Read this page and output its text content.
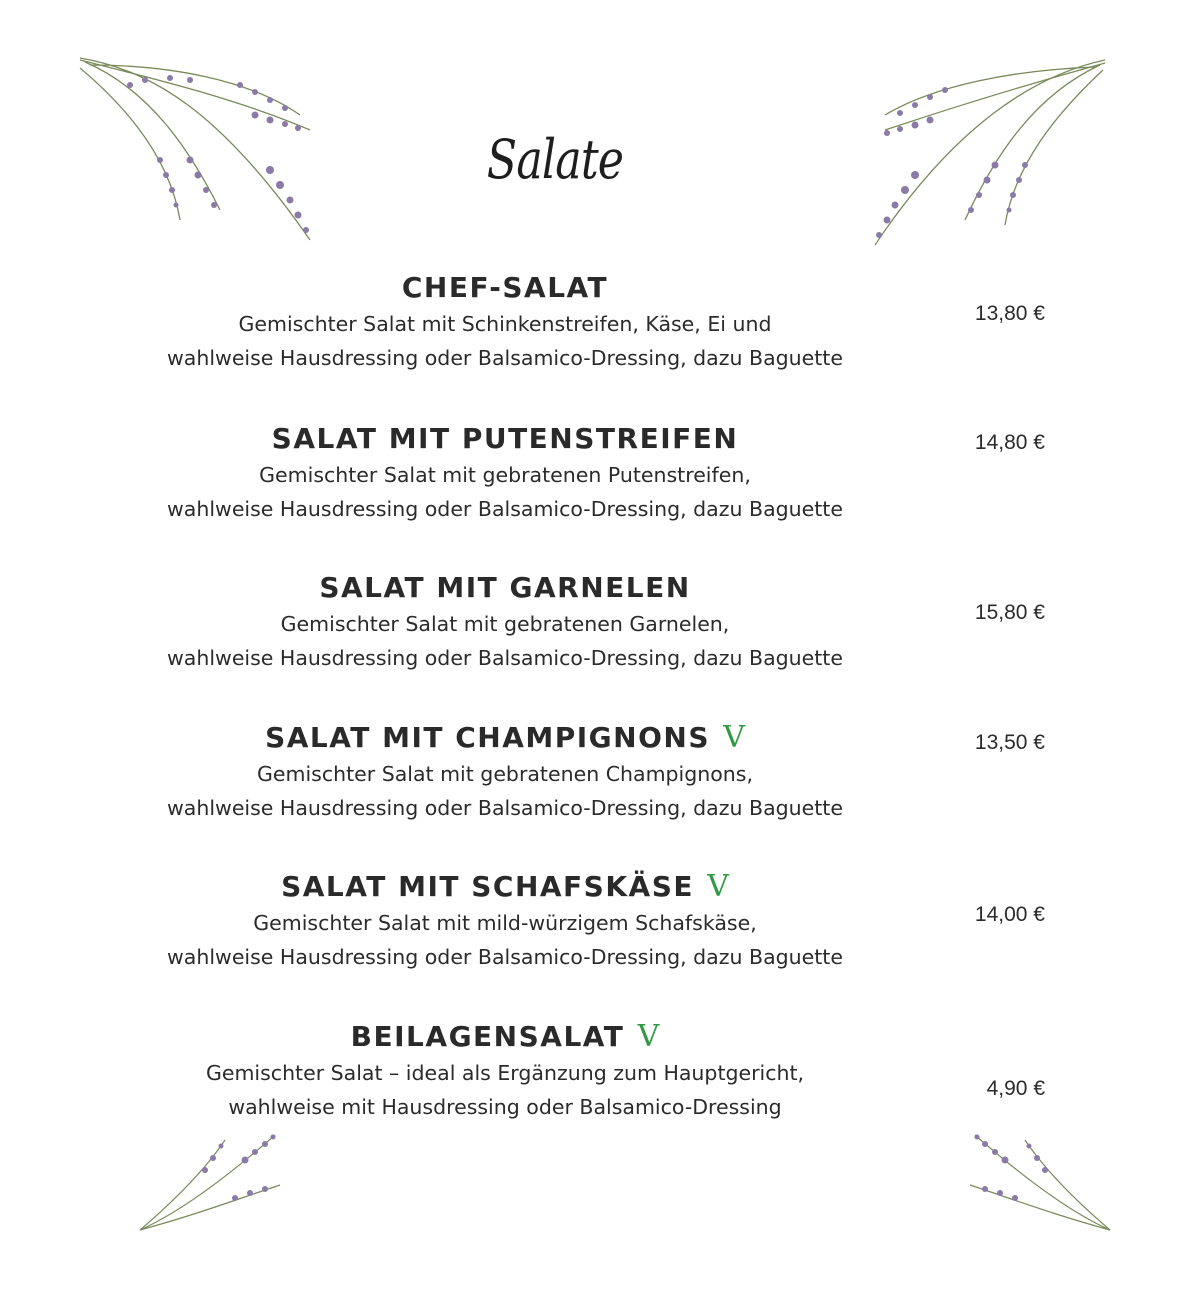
Salate
CHEF-SALAT
Gemischter Salat mit Schinkenstreifen, Käse, Ei und
wahlweise Hausdressing oder Balsamico-Dressing, dazu Baguette
13,80 €
SALAT MIT PUTENSTREIFEN
Gemischter Salat mit gebratenen Putenstreifen,
wahlweise Hausdressing oder Balsamico-Dressing, dazu Baguette
14,80 €
SALAT MIT GARNELEN
Gemischter Salat mit gebratenen Garnelen,
wahlweise Hausdressing oder Balsamico-Dressing, dazu Baguette
15,80 €
SALAT MIT CHAMPIGNONS V
Gemischter Salat mit gebratenen Champignons,
wahlweise Hausdressing oder Balsamico-Dressing, dazu Baguette
13,50 €
SALAT MIT SCHAFSKÄSE V
Gemischter Salat mit mild-würzigem Schafskäse,
wahlweise Hausdressing oder Balsamico-Dressing, dazu Baguette
14,00 €
BEILAGENSALAT V
Gemischter Salat – ideal als Ergänzung zum Hauptgericht,
wahlweise mit Hausdressing oder Balsamico-Dressing
4,90 €
